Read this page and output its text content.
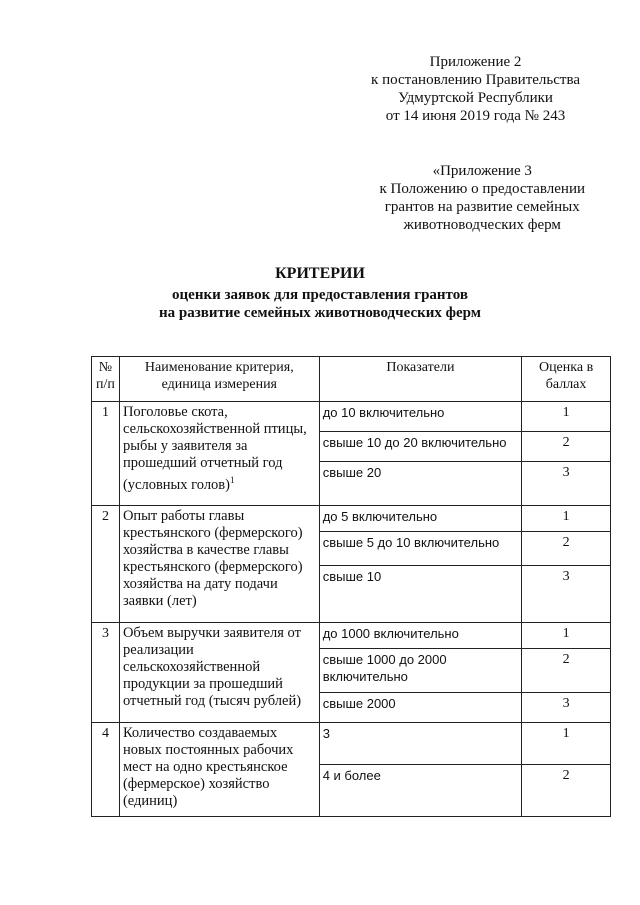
Приложение 2
к постановлению Правительства
Удмуртской Республики
от 14 июня 2019 года № 243
«Приложение 3
к Положению о предоставлении
грантов на развитие семейных
животноводческих ферм
КРИТЕРИИ
оценки заявок для предоставления грантов
на развитие семейных животноводческих ферм
№ п/п	Наименование критерия, единица измерения	Показатели	Оценка в баллах
1	Поголовье скота, сельскохозяйственной птицы, рыбы у заявителя за прошедший отчетный год (условных голов)$^1$	до 10 включительно	1
		свыше 10 до 20 включительно	2
		свыше 20	3
2	Опыт работы главы крестьянского (фермерского) хозяйства в качестве главы крестьянского (фермерского) хозяйства на дату подачи заявки (лет)	до 5 включительно	1
		свыше 5 до 10 включительно	2
		свыше 10	3
3	Объем выручки заявителя от реализации сельскохозяйственной продукции за прошедший отчетный год (тысяч рублей)	до 1000 включительно	1
		свыше 1000 до 2000 включительно	2
		свыше 2000	3
4	Количество создаваемых новых постоянных рабочих мест на одно крестьянское (фермерское) хозяйство (единиц)	3	1
		4 и более	2
